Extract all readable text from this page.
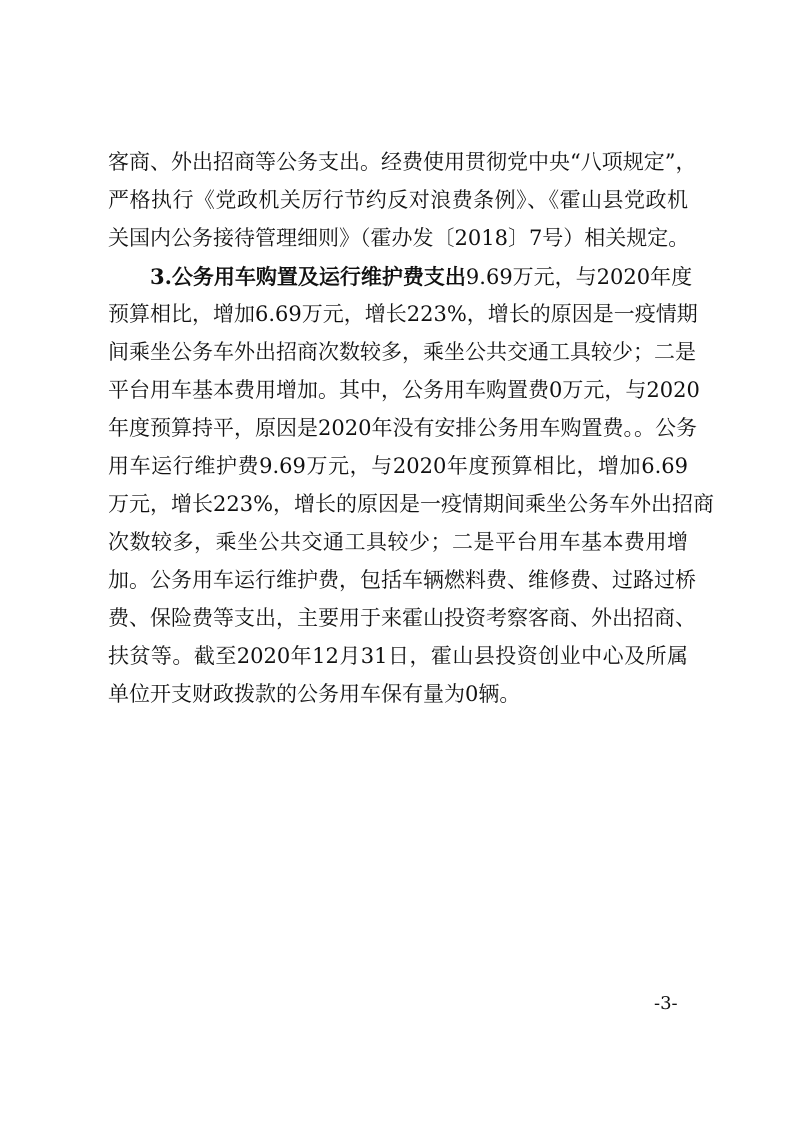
客商、外出招商等公务支出。经费使用贯彻党中央“八项规定”，
严格执行《党政机关厉行节约反对浪费条例》、《霍山县党政机
关国内公务接待管理细则》（霍办发〔2018〕7号）相关规定。
3.公务用车购置及运行维护费支出9.69万元，与2020年度
预算相比，增加6.69万元，增长223%，增长的原因是一疫情期
间乘坐公务车外出招商次数较多，乘坐公共交通工具较少；二是
平台用车基本费用增加。其中，公务用车购置费0万元，与2020
年度预算持平，原因是2020年没有安排公务用车购置费。。公务
用车运行维护费9.69万元，与2020年度预算相比，增加6.69
万元，增长223%，增长的原因是一疫情期间乘坐公务车外出招商
次数较多，乘坐公共交通工具较少；二是平台用车基本费用增
加。公务用车运行维护费，包括车辆燃料费、维修费、过路过桥
费、保险费等支出，主要用于来霍山投资考察客商、外出招商、
扶贫等。截至2020年12月31日，霍山县投资创业中心及所属
单位开支财政拨款的公务用车保有量为0辆。
-3-
